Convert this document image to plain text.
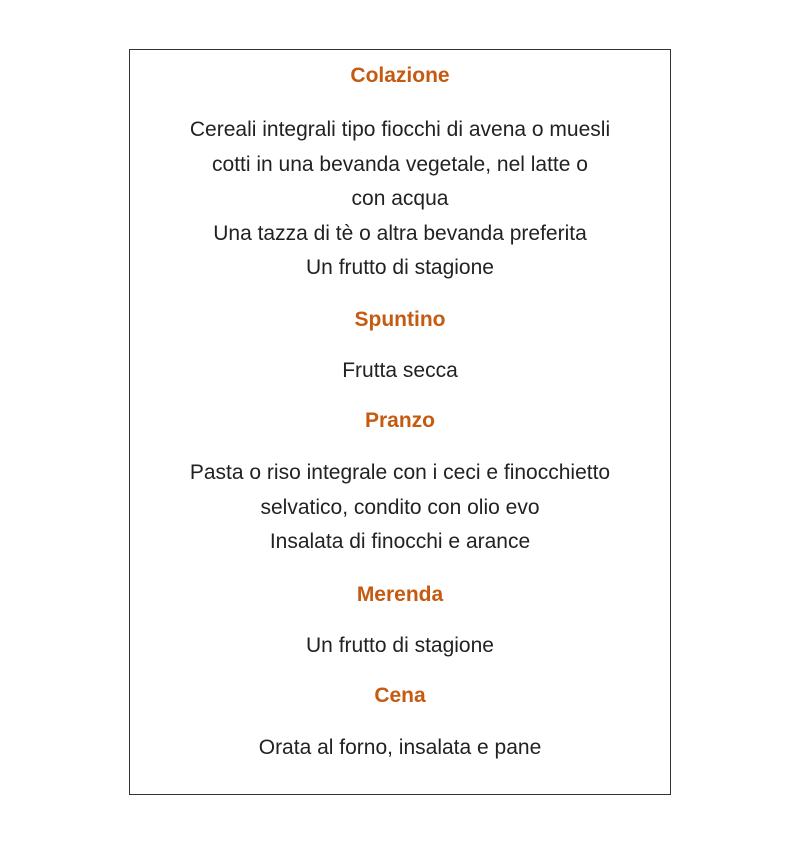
Colazione

Cereali integrali tipo fiocchi di avena o muesli
cotti in una bevanda vegetale, nel latte o
con acqua
Una tazza di tè o altra bevanda preferita
Un frutto di stagione

Spuntino

Frutta secca

Pranzo

Pasta o riso integrale con i ceci e finocchietto
selvatico, condito con olio evo
Insalata di finocchi e arance

Merenda

Un frutto di stagione

Cena

Orata al forno, insalata e pane
